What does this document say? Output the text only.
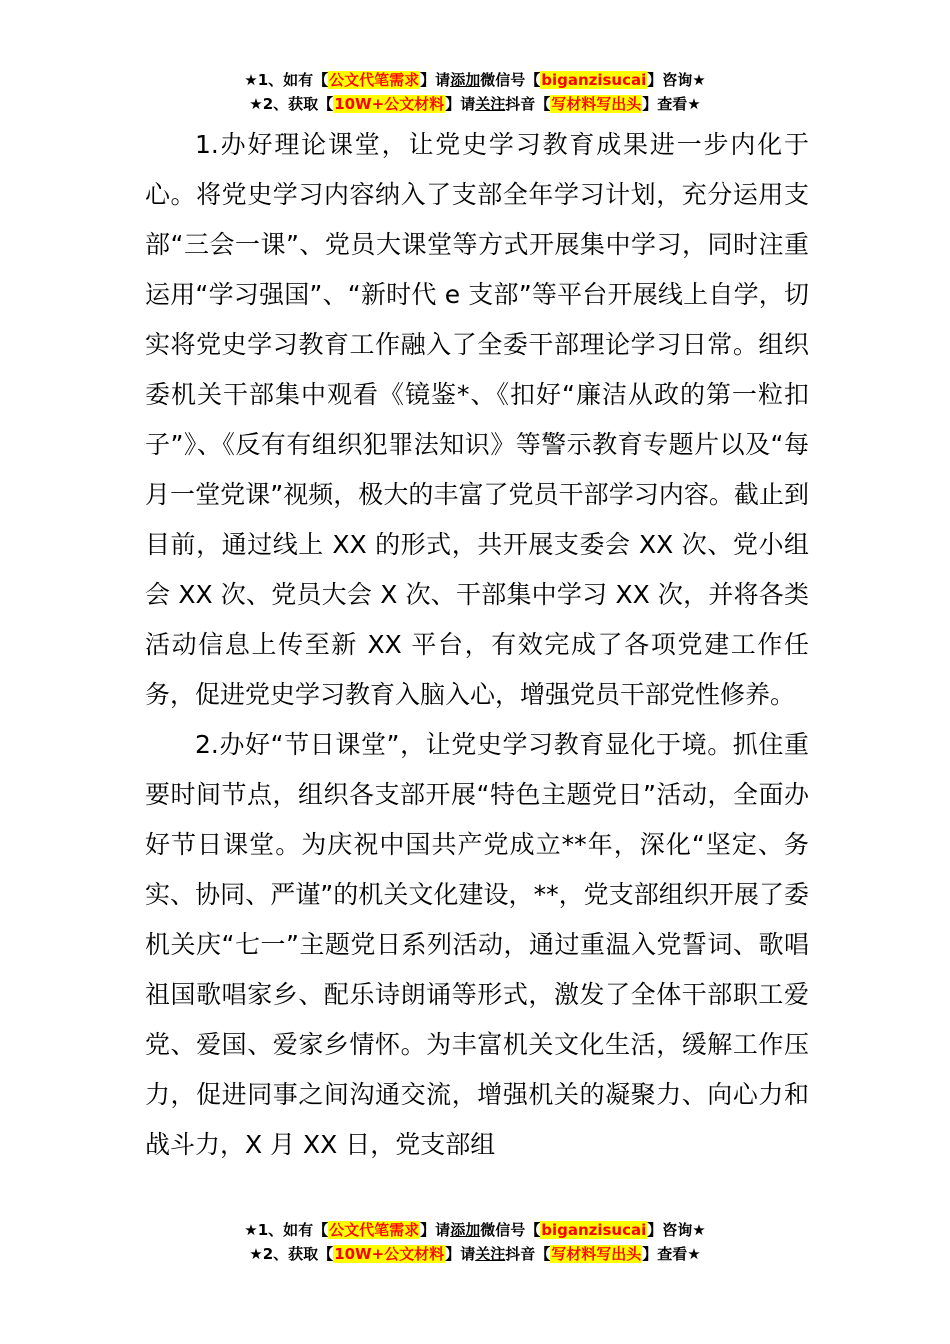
★1、如有【公文代笔需求】请添加微信号【biganzisucai】咨询★
★2、获取【10W+公文材料】请关注抖音【写材料写出头】查看★

1.办好理论课堂，让党史学习教育成果进一步内化于心。将党史学习内容纳入了支部全年学习计划，充分运用支部“三会一课”、党员大课堂等方式开展集中学习，同时注重运用“学习强国”、“新时代 e 支部”等平台开展线上自学，切实将党史学习教育工作融入了全委干部理论学习日常。组织委机关干部集中观看《镜鉴*、《扣好“廉洁从政的第一粒扣子”》、《反有有组织犯罪法知识》等警示教育专题片以及“每月一堂党课”视频，极大的丰富了党员干部学习内容。截止到目前，通过线上 XX 的形式，共开展支委会 XX 次、党小组会 XX 次、党员大会 X 次、干部集中学习 XX 次，并将各类活动信息上传至新 XX 平台，有效完成了各项党建工作任务，促进党史学习教育入脑入心，增强党员干部党性修养。

2.办好“节日课堂”，让党史学习教育显化于境。抓住重要时间节点，组织各支部开展“特色主题党日”活动，全面办好节日课堂。为庆祝中国共产党成立**年，深化“坚定、务实、协同、严谨”的机关文化建设，**，党支部组织开展了委机关庆“七一”主题党日系列活动，通过重温入党誓词、歌唱祖国歌唱家乡、配乐诗朗诵等形式，激发了全体干部职工爱党、爱国、爱家乡情怀。为丰富机关文化生活，缓解工作压力，促进同事之间沟通交流，增强机关的凝聚力、向心力和战斗力，X 月 XX 日，党支部组

★1、如有【公文代笔需求】请添加微信号【biganzisucai】咨询★
★2、获取【10W+公文材料】请关注抖音【写材料写出头】查看★
